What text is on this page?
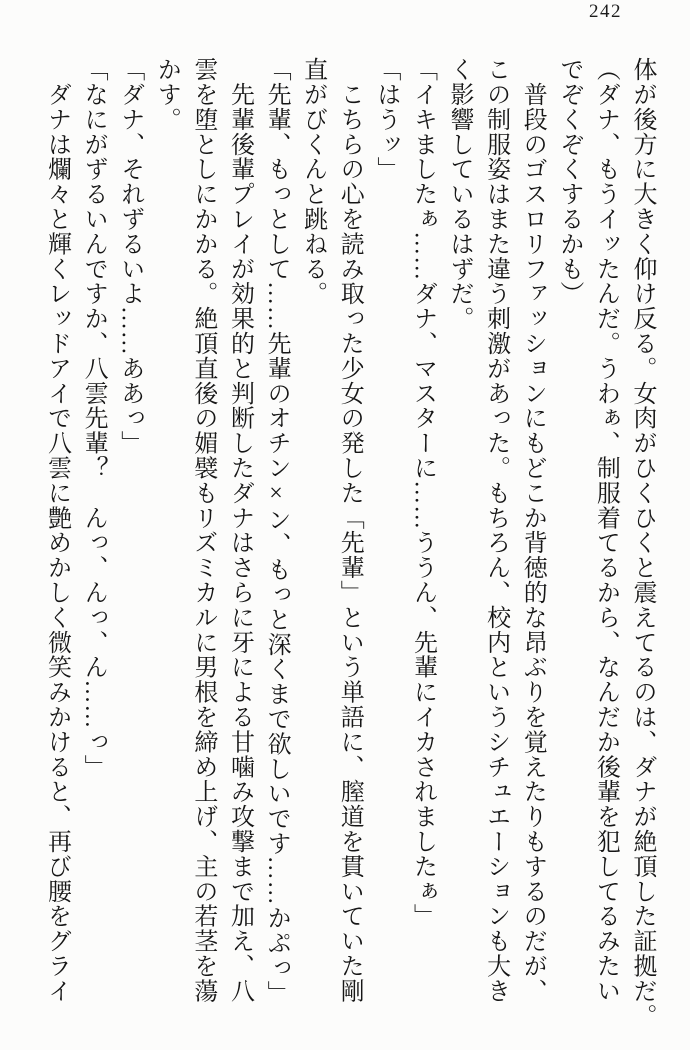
242

体が後方に大きく仰け反る。女肉がひくひくと震えてるのは、ダナが絶頂した証拠だ。

（ダナ、もうイッたんだ。うわぁ、制服着てるから、なんだか後輩を犯してるみたい

でぞくぞくするかも）

　普段のゴスロリファッションにもどこか背徳的な昂ぶりを覚えたりもするのだが、

この制服姿はまた違う刺激があった。もちろん、校内というシチュエーションも大き

く影響しているはずだ。

「イキましたぁ……ダナ、マスターに……ううん、先輩にイカされましたぁ」

「はうッ」

　こちらの心を読み取った少女の発した「先輩」という単語に、膣道を貫いていた剛

直がびくんと跳ねる。

「先輩、もっとして……先輩のオチン×ン、もっと深くまで欲しいです……かぷっ」

　先輩後輩プレイが効果的と判断したダナはさらに牙による甘噛み攻撃まで加え、八

雲を堕としにかかる。絶頂直後の媚襞もリズミカルに男根を締め上げ、主の若茎を蕩

かす。

「ダナ、それずるいよ……ああっ」

「なにがずるいんですか、八雲先輩？　んっ、んっ、ん……っ」

　ダナは爛々と輝くレッドアイで八雲に艶めかしく微笑みかけると、再び腰をグライ
